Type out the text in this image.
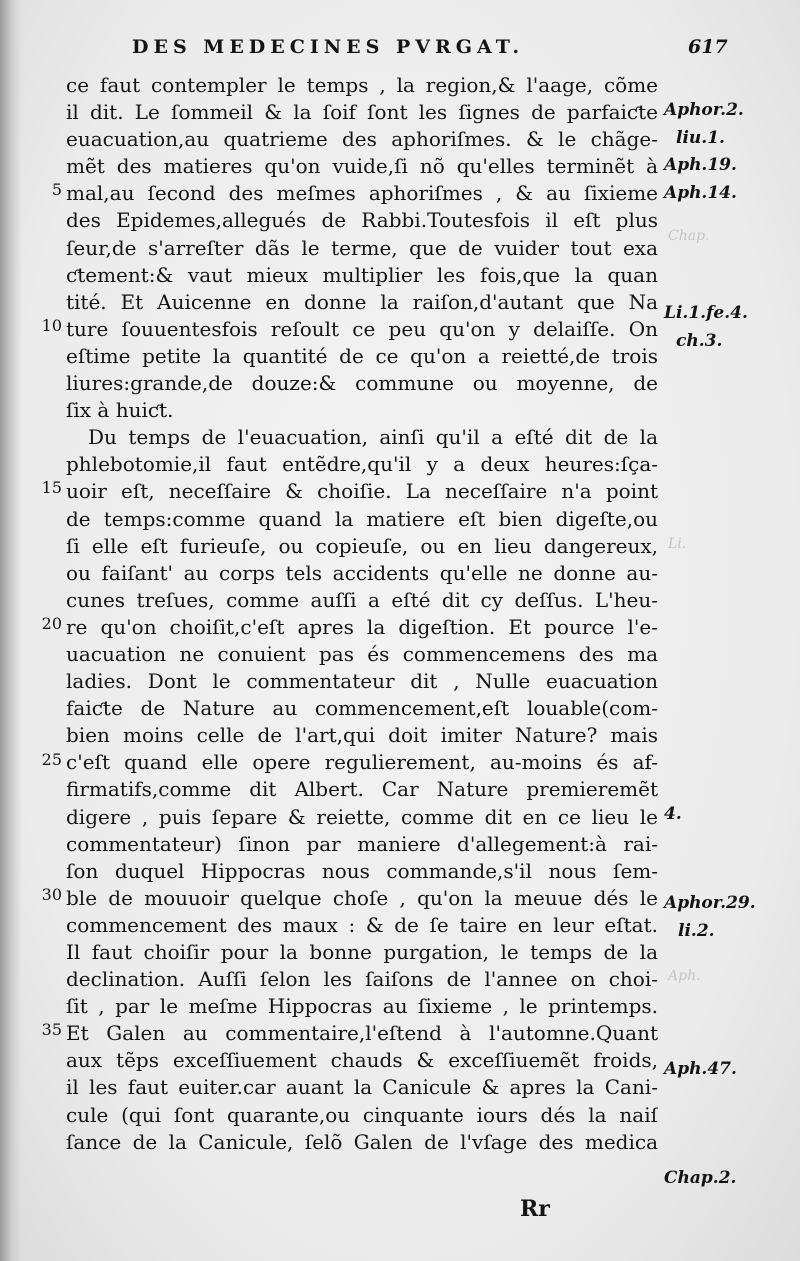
DES MEDECINES PVRGAT.	617
ce faut contempler le temps , la region,& l'aage, cõme
il dit. Le ſommeil & la ſoif ſont les ſignes de parfaiƈte
euacuation,au quatrieme des aphoriſmes. & le chãge-
mẽt des matieres qu'on vuide,ſi nõ qu'elles terminẽt à
mal,au ſecond des meſmes aphoriſmes , & au ſixieme
des Epidemes,allegués de Rabbi.Toutesfois il eſt plus
ſeur,de s'arreſter dãs le terme, que de vuider tout exa
ƈtement:& vaut mieux multiplier les fois,que la quan
tité. Et Auicenne en donne la raiſon,d'autant que Na
ture ſouuentesfois reſoult ce peu qu'on y delaiſſe. On
eſtime petite la quantité de ce qu'on a reietté,de trois
liures:grande,de douze:& commune ou moyenne, de
ſix à huiƈt.
Du temps de l'euacuation, ainſi qu'il a eſté dit de la
phlebotomie,il faut entẽdre,qu'il y a deux heures:ſça-
uoir eſt, neceſſaire & choiſie. La neceſſaire n'a point
de temps:comme quand la matiere eſt bien digeſte,ou
ſi elle eſt furieuſe, ou copieuſe, ou en lieu dangereux,
ou faiſant' au corps tels accidents qu'elle ne donne au-
cunes treſues, comme auſſi a eſté dit cy deſſus. L'heu-
re qu'on choiſit,c'eſt apres la digeſtion. Et pource l'e-
uacuation ne conuient pas és commencemens des ma
ladies. Dont le commentateur dit , Nulle euacuation
faiƈte de Nature au commencement,eſt louable(com-
bien moins celle de l'art,qui doit imiter Nature? mais
c'eſt quand elle opere regulierement, au-moins és af-
firmatifs,comme dit Albert. Car Nature premieremẽt
digere , puis ſepare & reiette, comme dit en ce lieu le
commentateur) ſinon par maniere d'allegement:à rai-
ſon duquel Hippocras nous commande,s'il nous ſem-
ble de mouuoir quelque choſe , qu'on la meuue dés le
commencement des maux : & de ſe taire en leur eſtat.
Il faut choiſir pour la bonne purgation, le temps de la
declination. Auſſi ſelon les ſaiſons de l'annee on choi-
ſit , par le meſme Hippocras au ſixieme , le printemps.
Et Galen au commentaire,l'eſtend à l'automne.Quant
aux tẽps exceſſiuement chauds & exceſſiuemẽt froids,
il les faut euiter.car auant la Canicule & apres la Cani-
cule (qui ſont quarante,ou cinquante iours dés la naiſ
ſance de la Canicule, ſelõ Galen de l'vſage des medica
5
10
15
20
25
30
35
Aphor.2.
liu.1.
Aph.19.
Aph.14.
Li.1.fe.4.
ch.3.
4.
Aphor.29.
li.2.
Aph.47.
Chap.2.
Chap.
Li.
Aph.
Rr
